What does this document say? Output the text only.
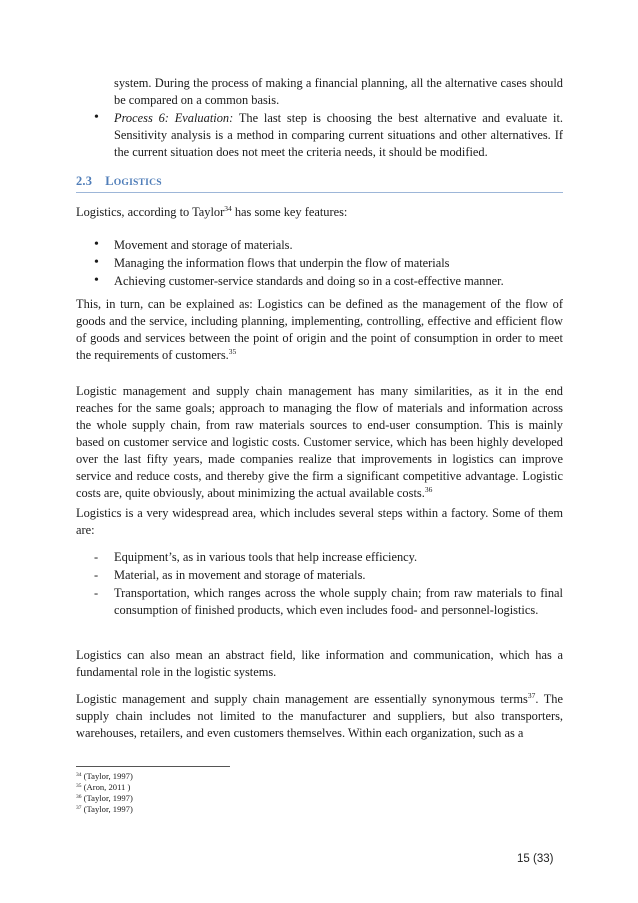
system. During the process of making a financial planning, all the alternative cases should be compared on a common basis.

• Process 6: Evaluation: The last step is choosing the best alternative and evaluate it. Sensitivity analysis is a method in comparing current situations and other alternatives. If the current situation does not meet the criteria needs, it should be modified.

2.3 LOGISTICS

Logistics, according to Taylor$^{34}$ has some key features:

• Movement and storage of materials.

• Managing the information flows that underpin the flow of materials

• Achieving customer-service standards and doing so in a cost-effective manner.

This, in turn, can be explained as: Logistics can be defined as the management of the flow of goods and the service, including planning, implementing, controlling, effective and efficient flow of goods and services between the point of origin and the point of consumption in order to meet the requirements of customers.$^{35}$

Logistic management and supply chain management has many similarities, as it in the end reaches for the same goals; approach to managing the flow of materials and information across the whole supply chain, from raw materials sources to end-user consumption. This is mainly based on customer service and logistic costs. Customer service, which has been highly developed over the last fifty years, made companies realize that improvements in logistics can improve service and reduce costs, and thereby give the firm a significant competitive advantage. Logistic costs are, quite obviously, about minimizing the actual available costs.$^{36}$

Logistics is a very widespread area, which includes several steps within a factory. Some of them are:

- Equipment’s, as in various tools that help increase efficiency.

- Material, as in movement and storage of materials.

- Transportation, which ranges across the whole supply chain; from raw materials to final consumption of finished products, which even includes food- and personnel-logistics.

Logistics can also mean an abstract field, like information and communication, which has a fundamental role in the logistic systems.

Logistic management and supply chain management are essentially synonymous terms$^{37}$. The supply chain includes not limited to the manufacturer and suppliers, but also transporters, warehouses, retailers, and even customers themselves. Within each organization, such as a

$^{34}$ (Taylor, 1997)
$^{35}$ (Aron, 2011 )
$^{36}$ (Taylor, 1997)
$^{37}$ (Taylor, 1997)
15 (33)
